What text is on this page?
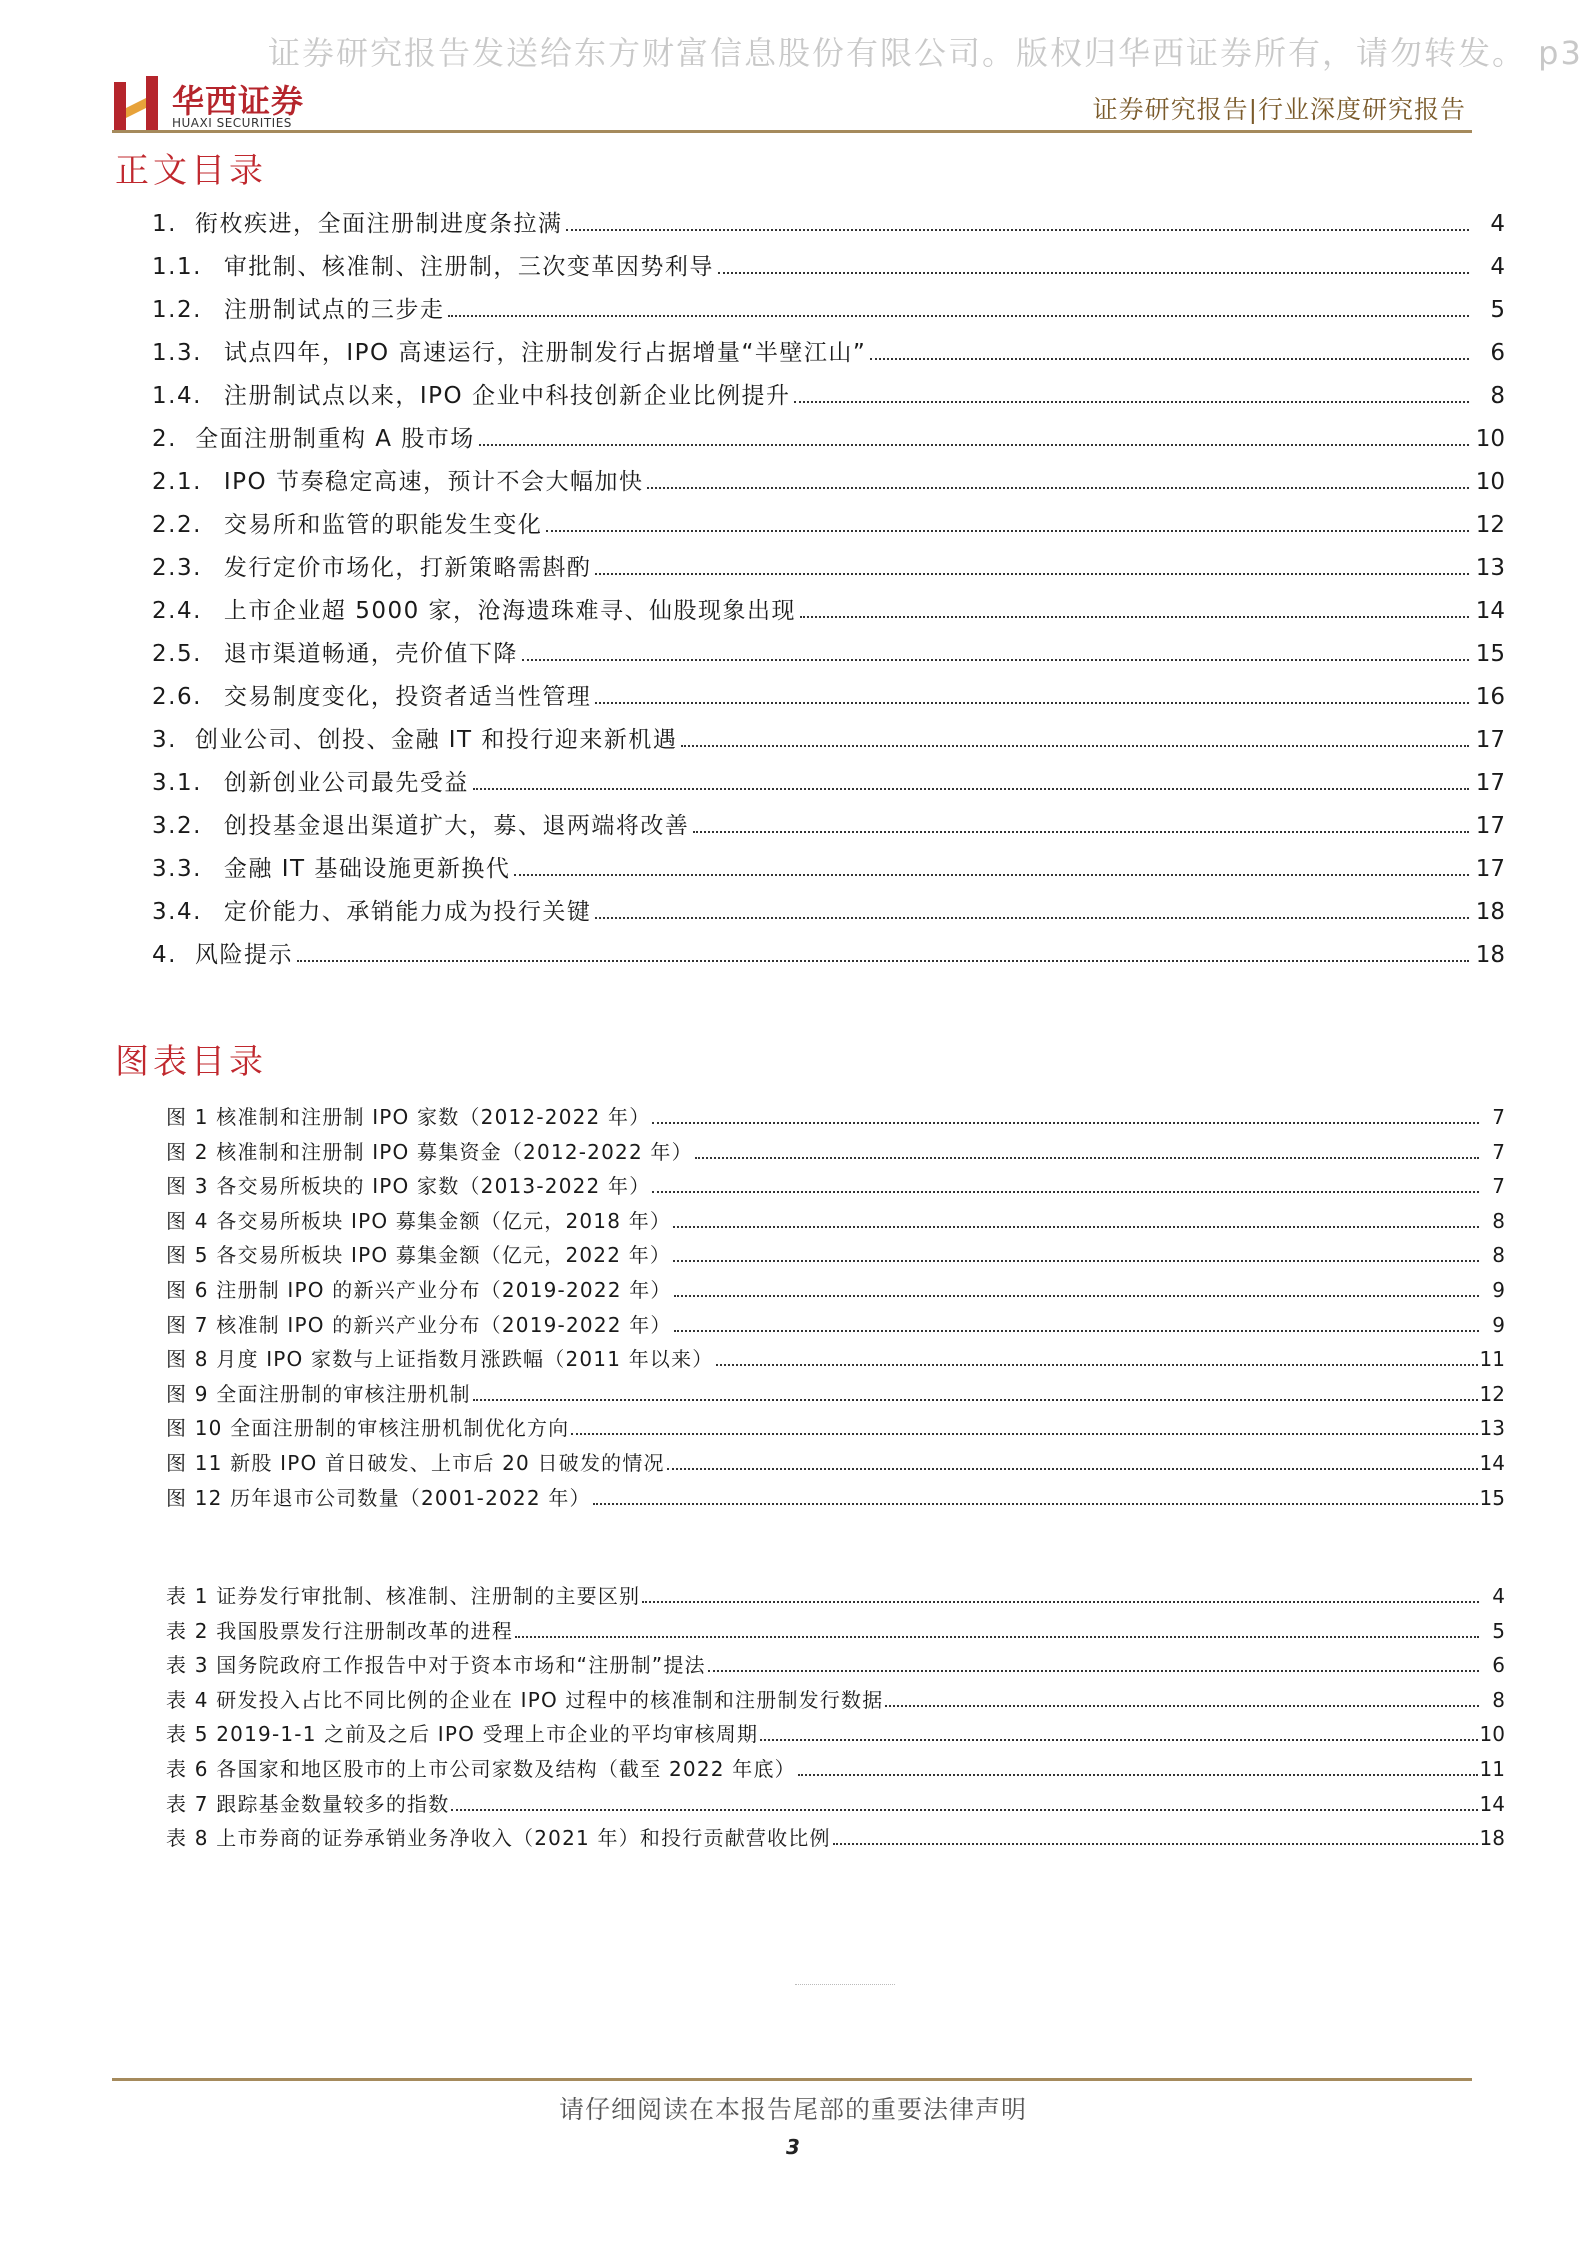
证券研究报告发送给东方财富信息股份有限公司。版权归华西证券所有，请勿转发。 p3
华西证券
HUAXI SECURITIES	证券研究报告|行业深度研究报告
正文目录
1. 衔枚疾进，全面注册制进度条拉满	4
1.1. 审批制、核准制、注册制，三次变革因势利导	4
1.2. 注册制试点的三步走	5
1.3. 试点四年，IPO 高速运行，注册制发行占据增量“半壁江山”	6
1.4. 注册制试点以来，IPO 企业中科技创新企业比例提升	8
2. 全面注册制重构 A 股市场	10
2.1. IPO 节奏稳定高速，预计不会大幅加快	10
2.2. 交易所和监管的职能发生变化	12
2.3. 发行定价市场化，打新策略需斟酌	13
2.4. 上市企业超 5000 家，沧海遗珠难寻、仙股现象出现	14
2.5. 退市渠道畅通，壳价值下降	15
2.6. 交易制度变化，投资者适当性管理	16
3. 创业公司、创投、金融 IT 和投行迎来新机遇	17
3.1. 创新创业公司最先受益	17
3.2. 创投基金退出渠道扩大，募、退两端将改善	17
3.3. 金融 IT 基础设施更新换代	17
3.4. 定价能力、承销能力成为投行关键	18
4. 风险提示	18
图表目录
图 1 核准制和注册制 IPO 家数（2012-2022 年）	7
图 2 核准制和注册制 IPO 募集资金（2012-2022 年）	7
图 3 各交易所板块的 IPO 家数（2013-2022 年）	7
图 4 各交易所板块 IPO 募集金额（亿元，2018 年）	8
图 5 各交易所板块 IPO 募集金额（亿元，2022 年）	8
图 6 注册制 IPO 的新兴产业分布（2019-2022 年）	9
图 7 核准制 IPO 的新兴产业分布（2019-2022 年）	9
图 8 月度 IPO 家数与上证指数月涨跌幅（2011 年以来）	11
图 9 全面注册制的审核注册机制	12
图 10 全面注册制的审核注册机制优化方向	13
图 11 新股 IPO 首日破发、上市后 20 日破发的情况	14
图 12 历年退市公司数量（2001-2022 年）	15
表 1 证券发行审批制、核准制、注册制的主要区别	4
表 2 我国股票发行注册制改革的进程	5
表 3 国务院政府工作报告中对于资本市场和“注册制”提法	6
表 4 研发投入占比不同比例的企业在 IPO 过程中的核准制和注册制发行数据	8
表 5 2019-1-1 之前及之后 IPO 受理上市企业的平均审核周期	10
表 6 各国家和地区股市的上市公司家数及结构（截至 2022 年底）	11
表 7 跟踪基金数量较多的指数	14
表 8 上市券商的证券承销业务净收入（2021 年）和投行贡献营收比例	18
请仔细阅读在本报告尾部的重要法律声明
3
